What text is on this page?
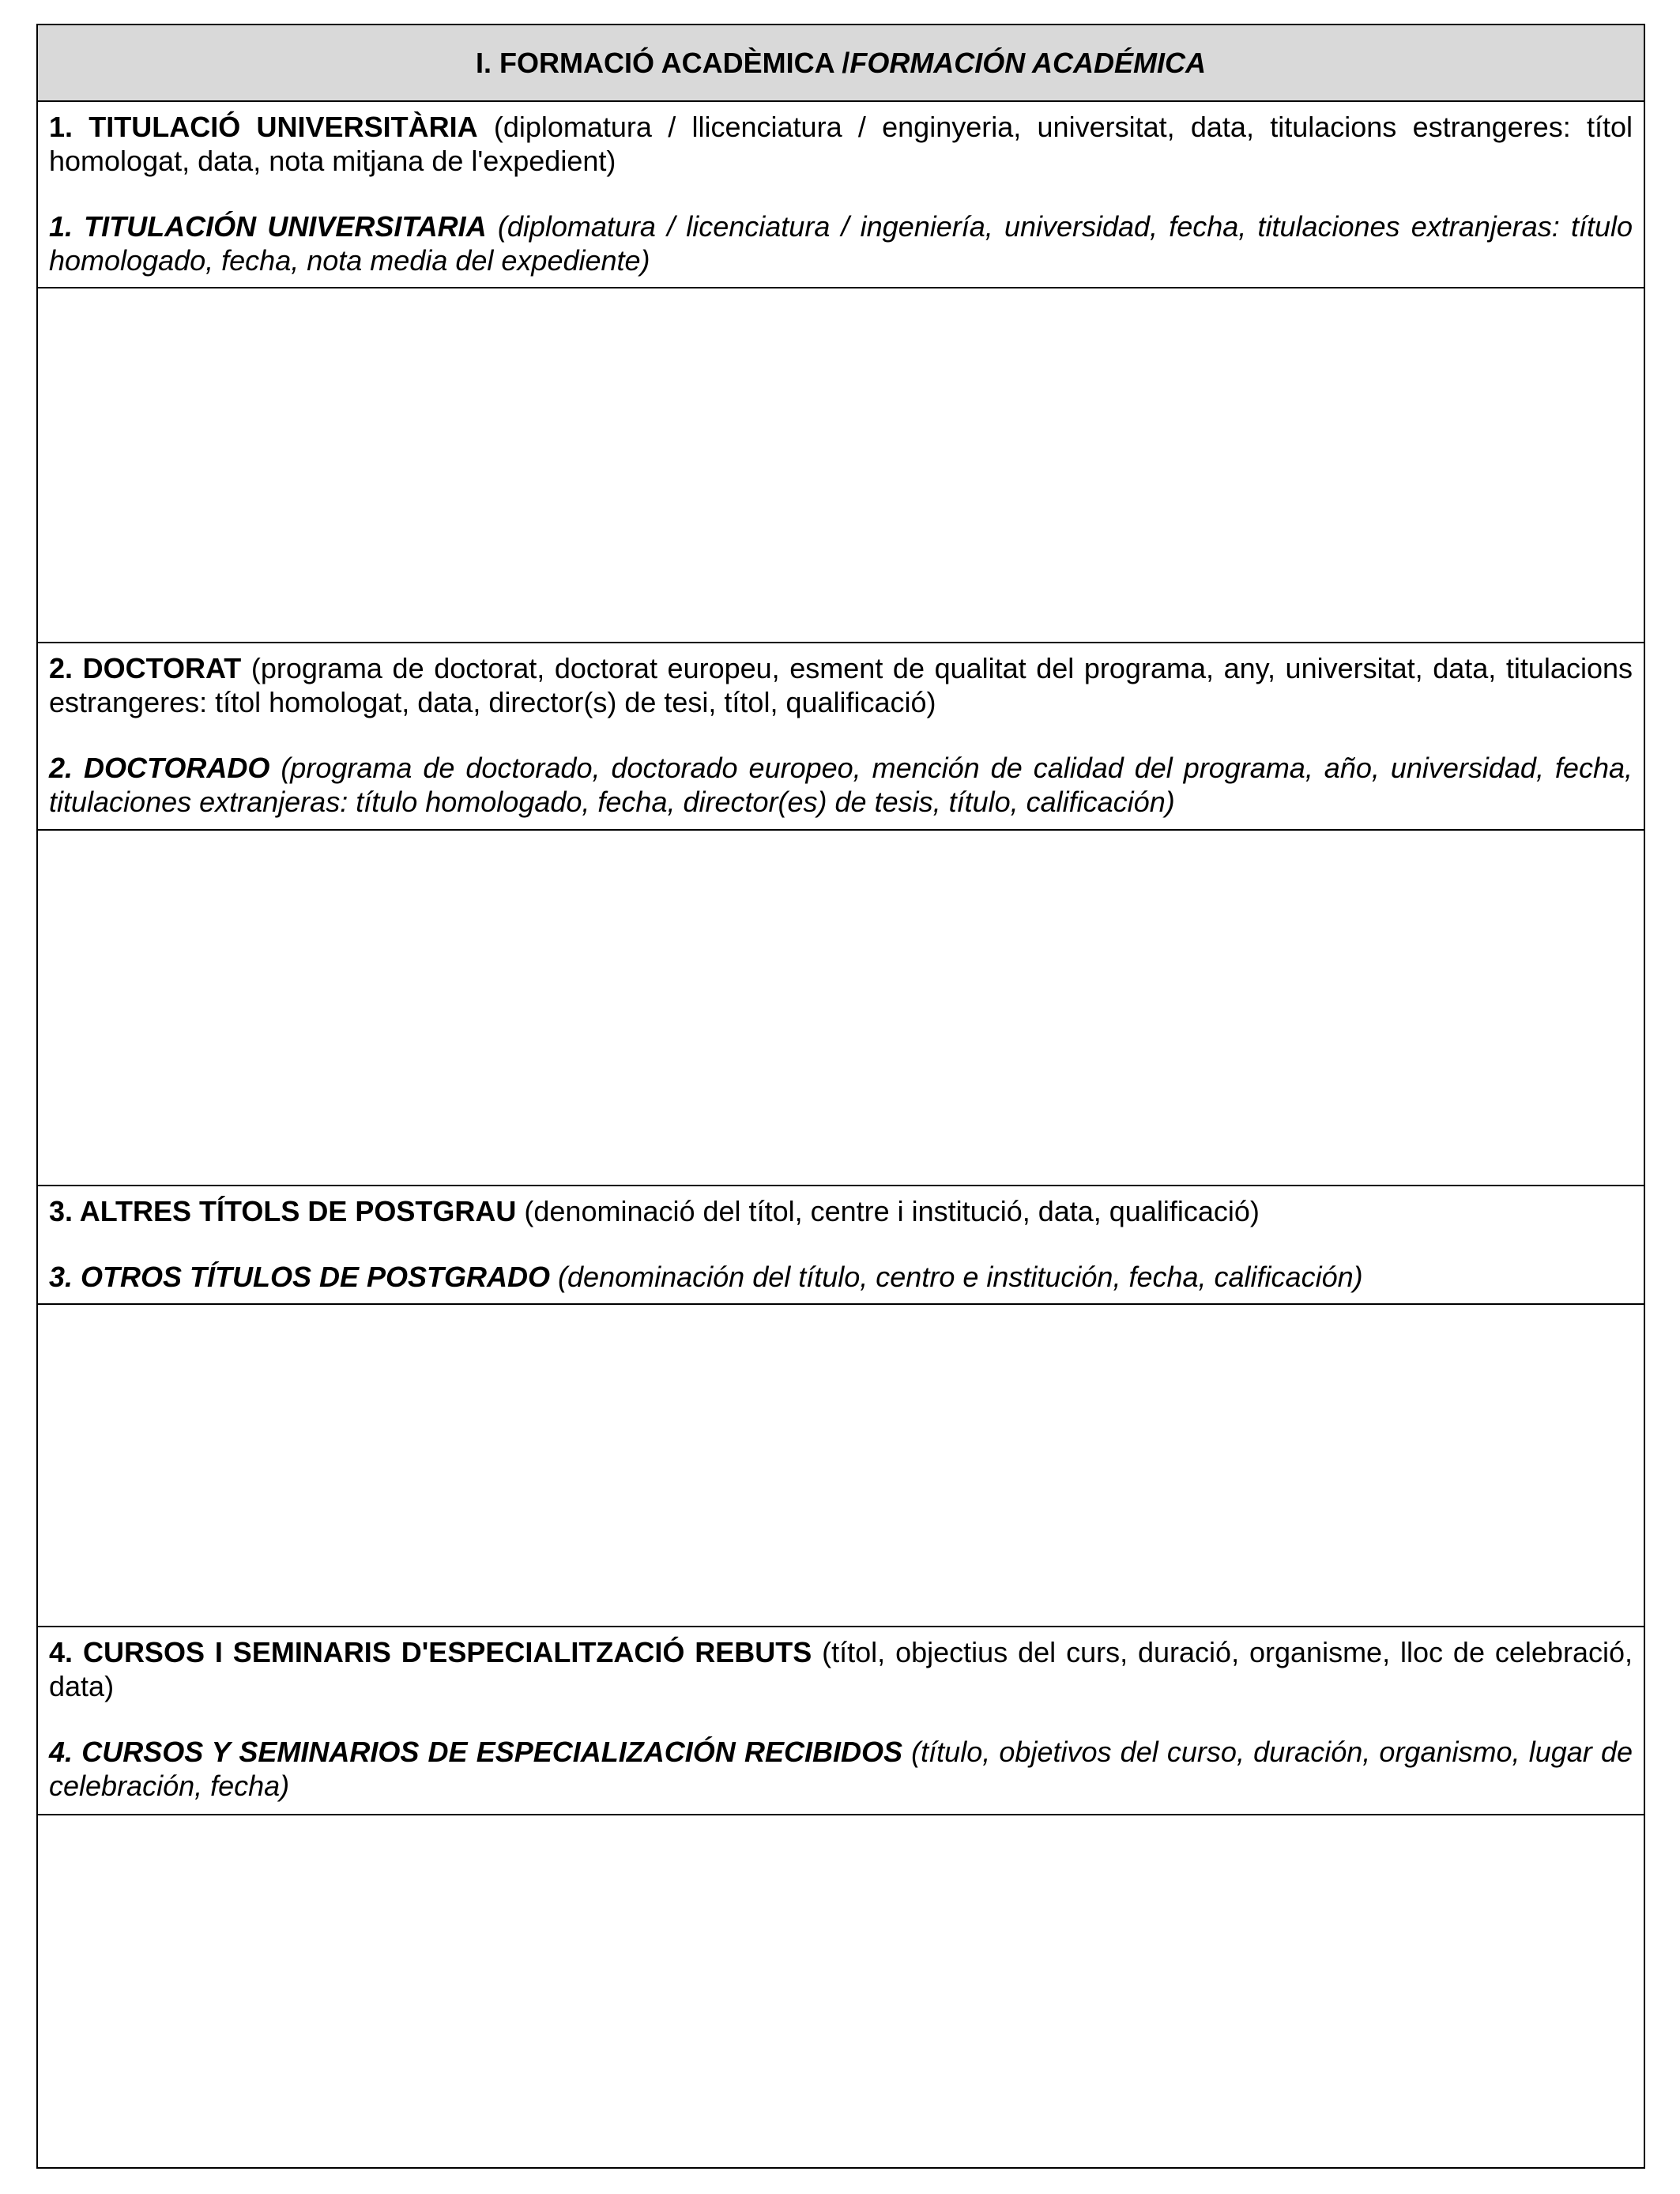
I. FORMACIÓ ACADÈMICA / FORMACIÓN ACADÉMICA

1. TITULACIÓ UNIVERSITÀRIA (diplomatura / llicenciatura / enginyeria, universitat, data, titulacions estrangeres: títol homologat, data, nota mitjana de l'expedient)

1. TITULACIÓN UNIVERSITARIA (diplomatura / licenciatura / ingeniería, universidad, fecha, titulaciones extranjeras: título homologado, fecha, nota media del expediente)

2. DOCTORAT (programa de doctorat, doctorat europeu, esment de qualitat del programa, any, universitat, data, titulacions estrangeres: títol homologat, data, director(s) de tesi, títol, qualificació)

2. DOCTORADO (programa de doctorado, doctorado europeo, mención de calidad del programa, año, universidad, fecha, titulaciones extranjeras: título homologado, fecha, director(es) de tesis, título, calificación)

3. ALTRES TÍTOLS DE POSTGRAU (denominació del títol, centre i institució, data, qualificació)

3. OTROS TÍTULOS DE POSTGRADO (denominación del título, centro e institución, fecha, calificación)

4. CURSOS I SEMINARIS D'ESPECIALITZACIÓ REBUTS (títol, objectius del curs, duració, organisme, lloc de celebració, data)

4. CURSOS Y SEMINARIOS DE ESPECIALIZACIÓN RECIBIDOS (título, objetivos del curso, duración, organismo, lugar de celebración, fecha)
